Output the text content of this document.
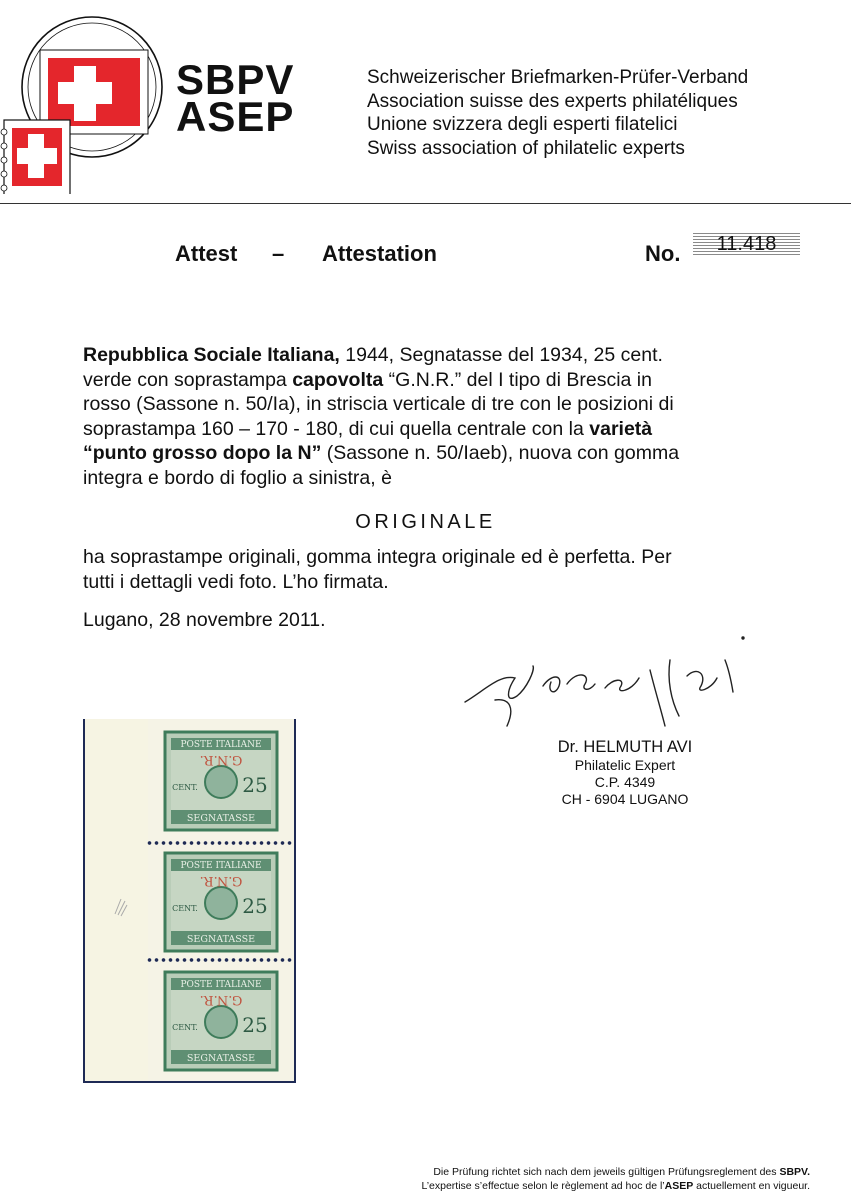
SBPV
ASEP
Schweizerischer Briefmarken-Prüfer-Verband
Association suisse des experts philatéliques
Unione svizzera degli esperti filatelici
Swiss association of philatelic experts
Attest – Attestation	No.	11.418
Repubblica Sociale Italiana, 1944, Segnatasse del 1934, 25 cent.
verde con soprastampa capovolta “G.N.R.” del I tipo di Brescia in
rosso (Sassone n. 50/Ia), in striscia verticale di tre con le posizioni di
soprastampa 160 – 170 - 180, di cui quella centrale con la varietà
“punto grosso dopo la N” (Sassone n. 50/Iaeb), nuova con gomma
integra e bordo di foglio a sinistra, è
ORIGINALE
ha soprastampe originali, gomma integra originale ed è perfetta. Per
tutti i dettagli vedi foto. L’ho firmata.
Lugano, 28 novembre 2011.
Dr. HELMUTH AVI
Philatelic Expert
C.P. 4349
CH - 6904 LUGANO
POSTE ITALIANE
SEGNATASSE
CENT. 25
G.N.R.
POSTE ITALIANE
SEGNATASSE
CENT. 25
G.N.R.
POSTE ITALIANE
SEGNATASSE
CENT. 25
G.N.R.
Die Prüfung richtet sich nach dem jeweils gültigen Prüfungsreglement des SBPV.
L’expertise s’effectue selon le règlement ad hoc de l’ASEP actuellement en vigueur.
